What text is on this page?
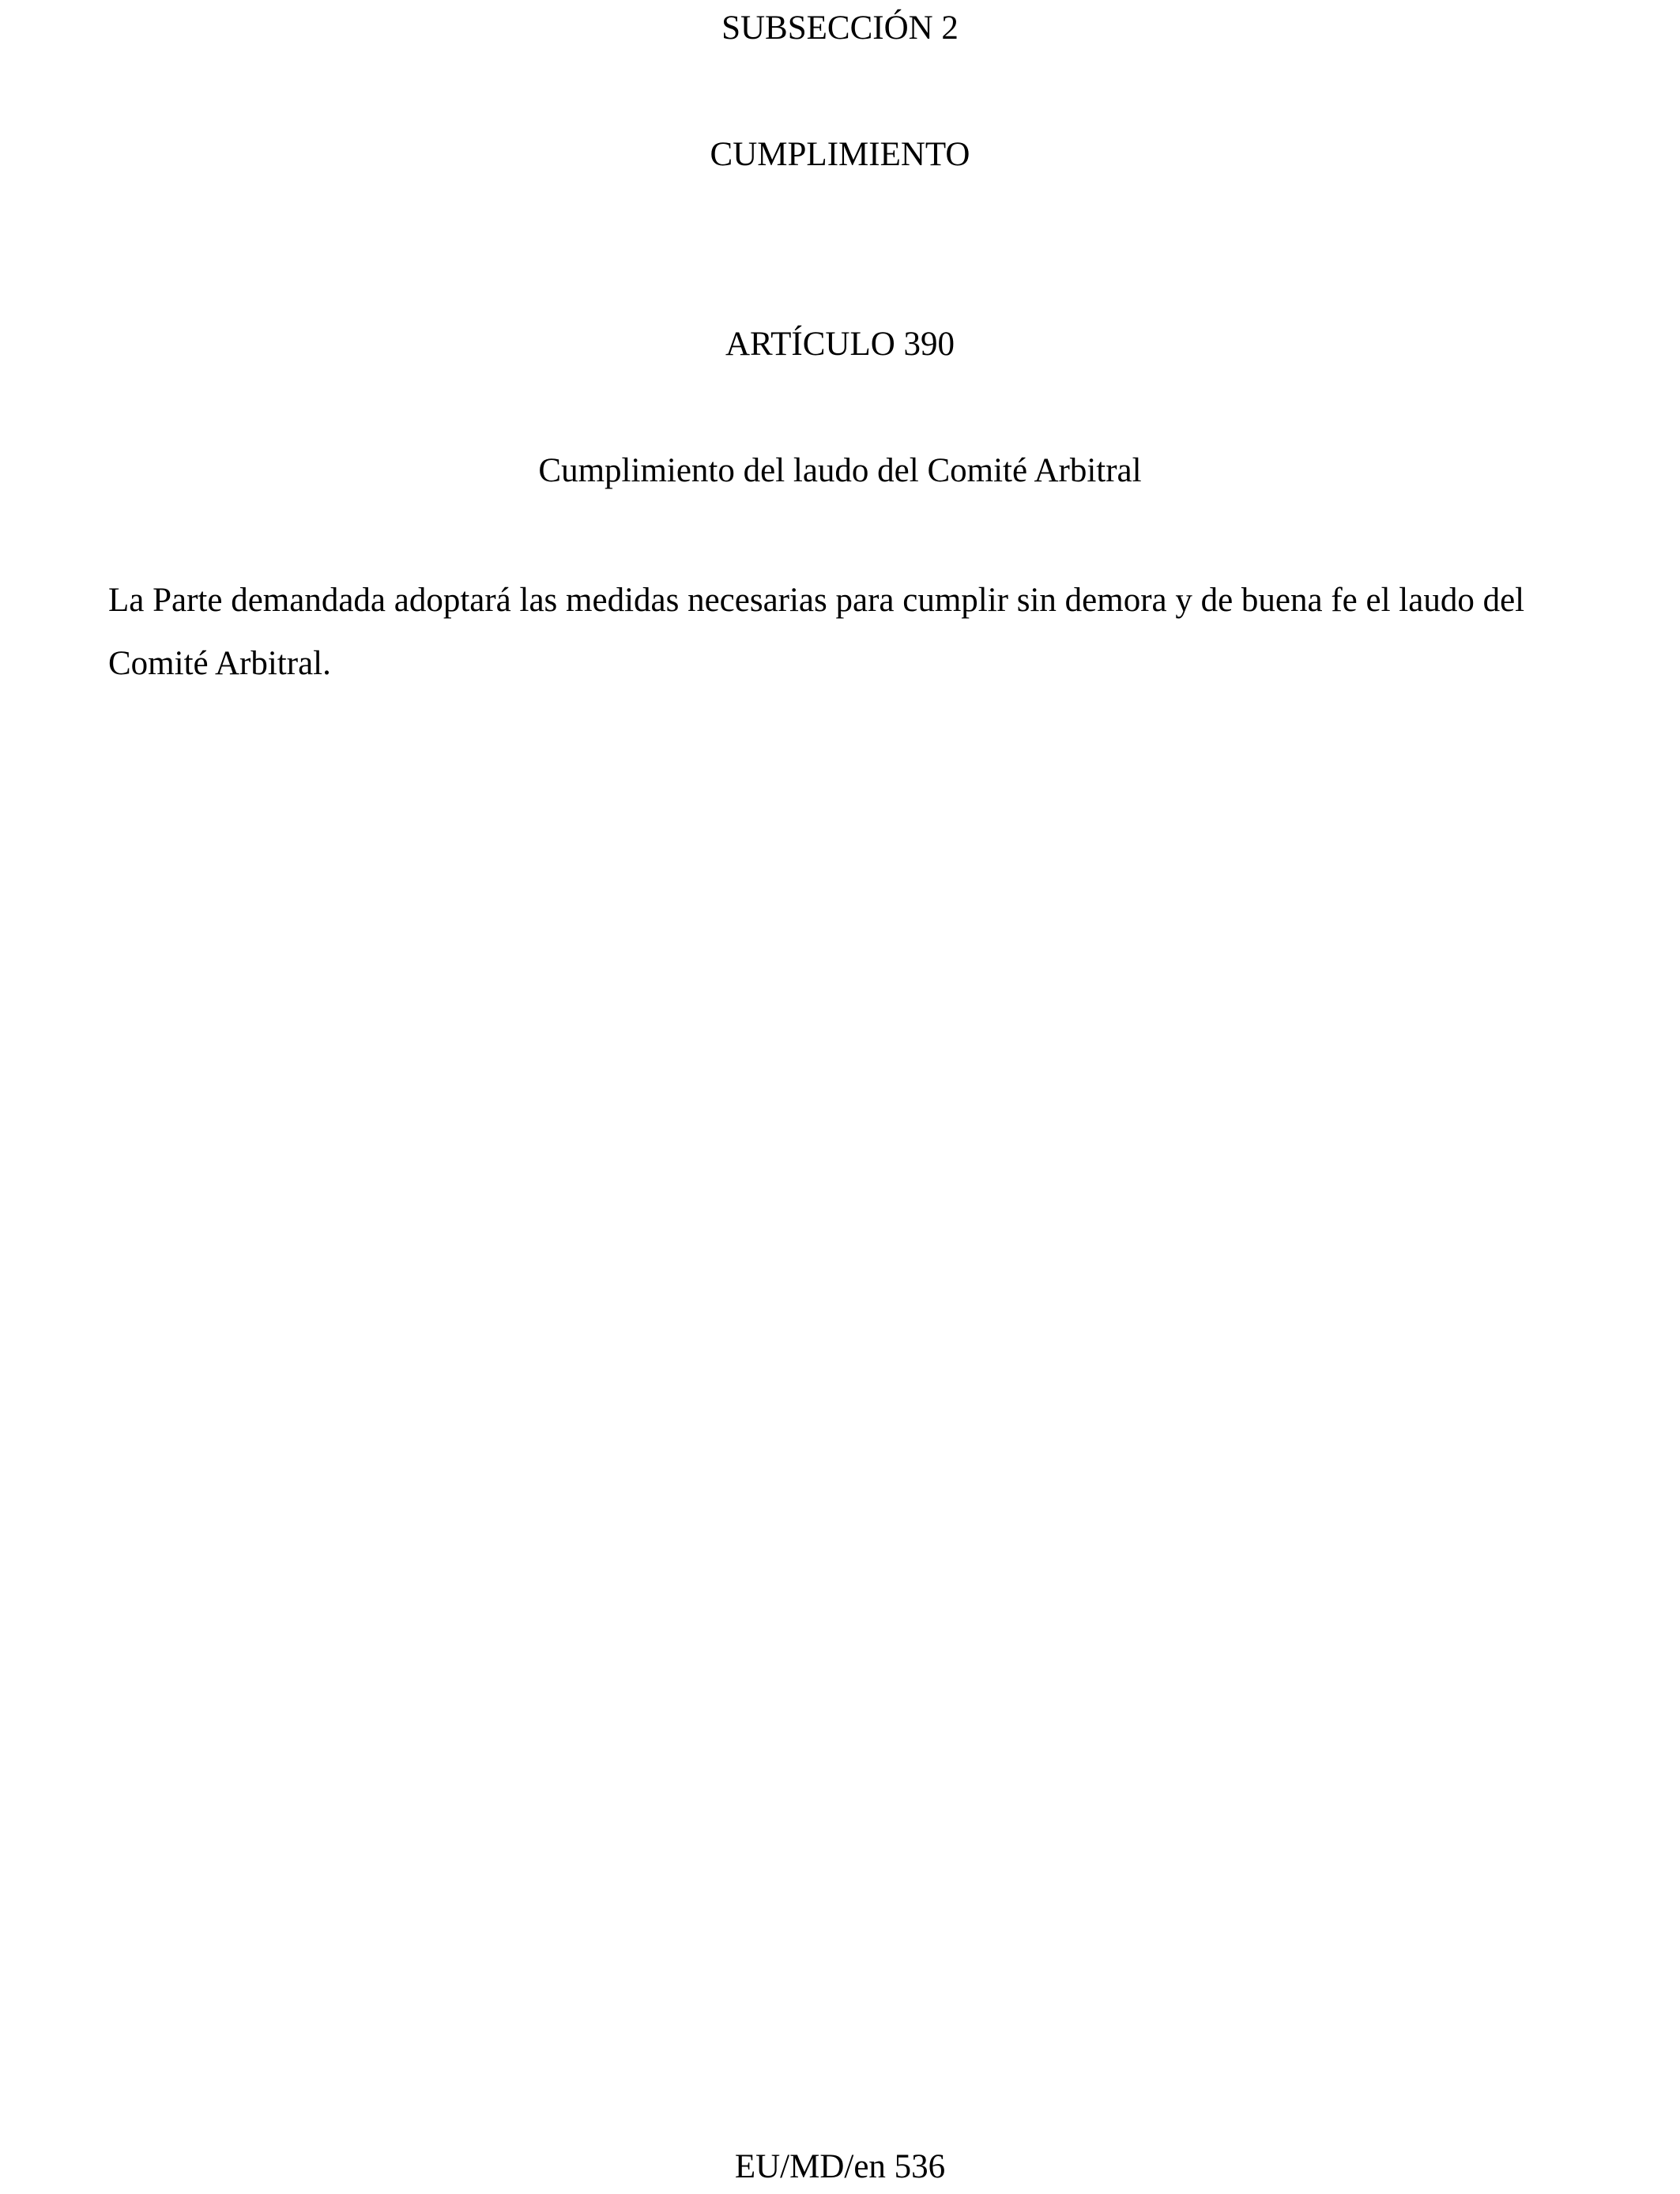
SUBSECCIÓN 2
CUMPLIMIENTO
ARTÍCULO 390
Cumplimiento del laudo del Comité Arbitral

La Parte demandada adoptará las medidas necesarias para cumplir sin demora y de buena fe el laudo del Comité Arbitral.

EU/MD/en 536
